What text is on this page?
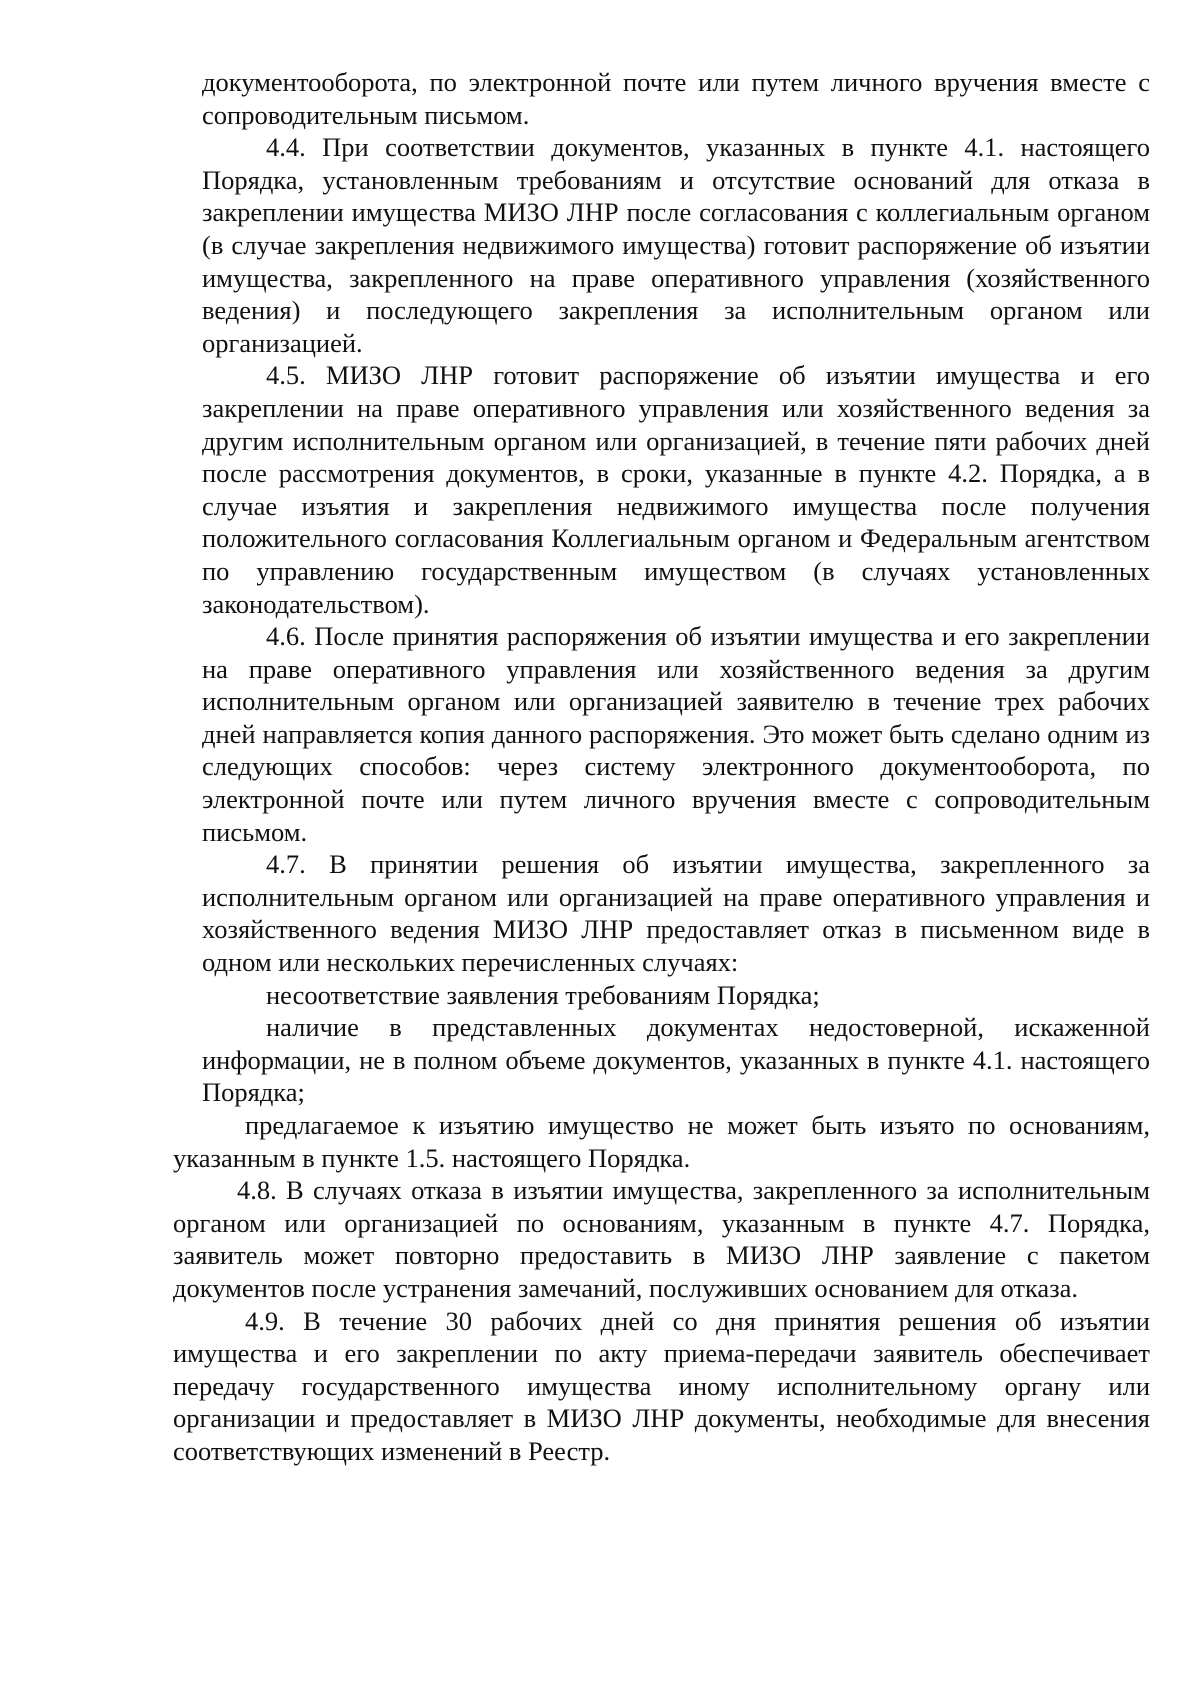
документооборота, по электронной почте или путем личного вручения вместе с сопроводительным письмом.

4.4. При соответствии документов, указанных в пункте 4.1. настоящего Порядка, установленным требованиям и отсутствие оснований для отказа в закреплении имущества МИЗО ЛНР после согласования с коллегиальным органом (в случае закрепления недвижимого имущества) готовит распоряжение об изъятии имущества, закрепленного на праве оперативного управления (хозяйственного ведения) и последующего закрепления за исполнительным органом или организацией.

4.5. МИЗО ЛНР готовит распоряжение об изъятии имущества и его закреплении на праве оперативного управления или хозяйственного ведения за другим исполнительным органом или организацией, в течение пяти рабочих дней после рассмотрения документов, в сроки, указанные в пункте 4.2. Порядка, а в случае изъятия и закрепления недвижимого имущества после получения положительного согласования Коллегиальным органом и Федеральным агентством по управлению государственным имуществом (в случаях установленных законодательством).

4.6. После принятия распоряжения об изъятии имущества и его закреплении на праве оперативного управления или хозяйственного ведения за другим исполнительным органом или организацией заявителю в течение трех рабочих дней направляется копия данного распоряжения. Это может быть сделано одним из следующих способов: через систему электронного документооборота, по электронной почте или путем личного вручения вместе с сопроводительным письмом.

4.7. В принятии решения об изъятии имущества, закрепленного за исполнительным органом или организацией на праве оперативного управления и хозяйственного ведения МИЗО ЛНР предоставляет отказ в письменном виде в одном или нескольких перечисленных случаях:

несоответствие заявления требованиям Порядка;

наличие в представленных документах недостоверной, искаженной информации, не в полном объеме документов, указанных в пункте 4.1. настоящего Порядка;

предлагаемое к изъятию имущество не может быть изъято по основаниям, указанным в пункте 1.5. настоящего Порядка.

4.8. В случаях отказа в изъятии имущества, закрепленного за исполнительным органом или организацией по основаниям, указанным в пункте 4.7. Порядка, заявитель может повторно предоставить в МИЗО ЛНР заявление с пакетом документов после устранения замечаний, послуживших основанием для отказа.

4.9. В течение 30 рабочих дней со дня принятия решения об изъятии имущества и его закреплении по акту приема-передачи заявитель обеспечивает передачу государственного имущества иному исполнительному органу или организации и предоставляет в МИЗО ЛНР документы, необходимые для внесения соответствующих изменений в Реестр.
